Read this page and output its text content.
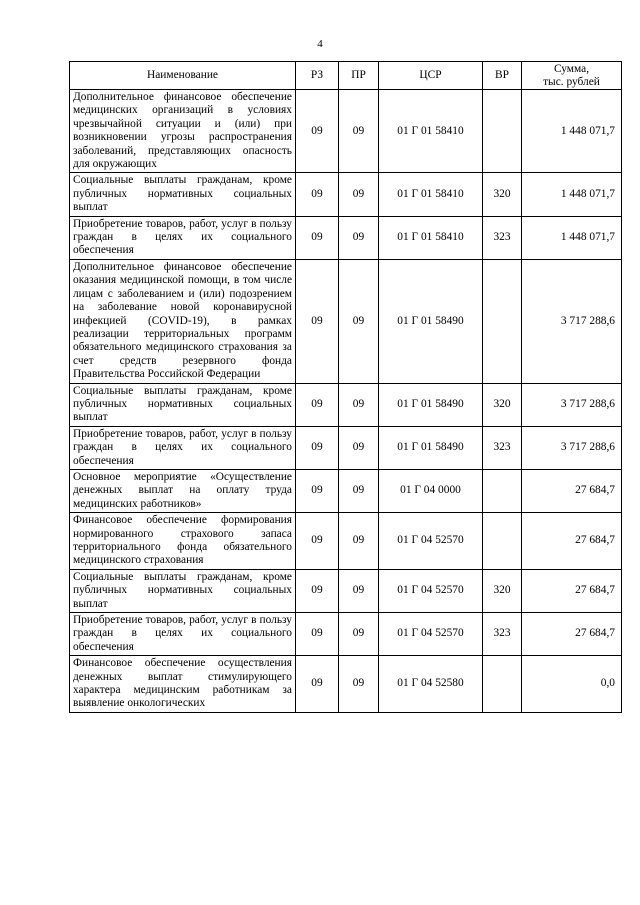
4
Наименование	РЗ	ПР	ЦСР	ВР	Сумма,
тыс. рублей
Дополнительное финансовое обеспечение медицинских организаций в условиях чрезвычайной ситуации и (или) при возникновении угрозы распространения заболеваний, представляющих опасность для окружающих	09	09	01 Г 01 58410		1 448 071,7
Социальные выплаты гражданам, кроме публичных нормативных социальных выплат	09	09	01 Г 01 58410	320	1 448 071,7
Приобретение товаров, работ, услуг в пользу граждан в целях их социального обеспечения	09	09	01 Г 01 58410	323	1 448 071,7
Дополнительное финансовое обеспечение оказания медицинской помощи, в том числе лицам с заболеванием и (или) подозрением на заболевание новой коронавирусной инфекцией (COVID-19), в рамках реализации территориальных программ обязательного медицинского страхования за счет средств резервного фонда Правительства Российской Федерации	09	09	01 Г 01 58490		3 717 288,6
Социальные выплаты гражданам, кроме публичных нормативных социальных выплат	09	09	01 Г 01 58490	320	3 717 288,6
Приобретение товаров, работ, услуг в пользу граждан в целях их социального обеспечения	09	09	01 Г 01 58490	323	3 717 288,6
Основное мероприятие «Осуществление денежных выплат на оплату труда медицинских работников»	09	09	01 Г 04 0000		27 684,7
Финансовое обеспечение формирования нормированного страхового запаса территориального фонда обязательного медицинского страхования	09	09	01 Г 04 52570		27 684,7
Социальные выплаты гражданам, кроме публичных нормативных социальных выплат	09	09	01 Г 04 52570	320	27 684,7
Приобретение товаров, работ, услуг в пользу граждан в целях их социального обеспечения	09	09	01 Г 04 52570	323	27 684,7
Финансовое обеспечение осуществления денежных выплат стимулирующего характера медицинским работникам за выявление онкологических	09	09	01 Г 04 52580		0,0
